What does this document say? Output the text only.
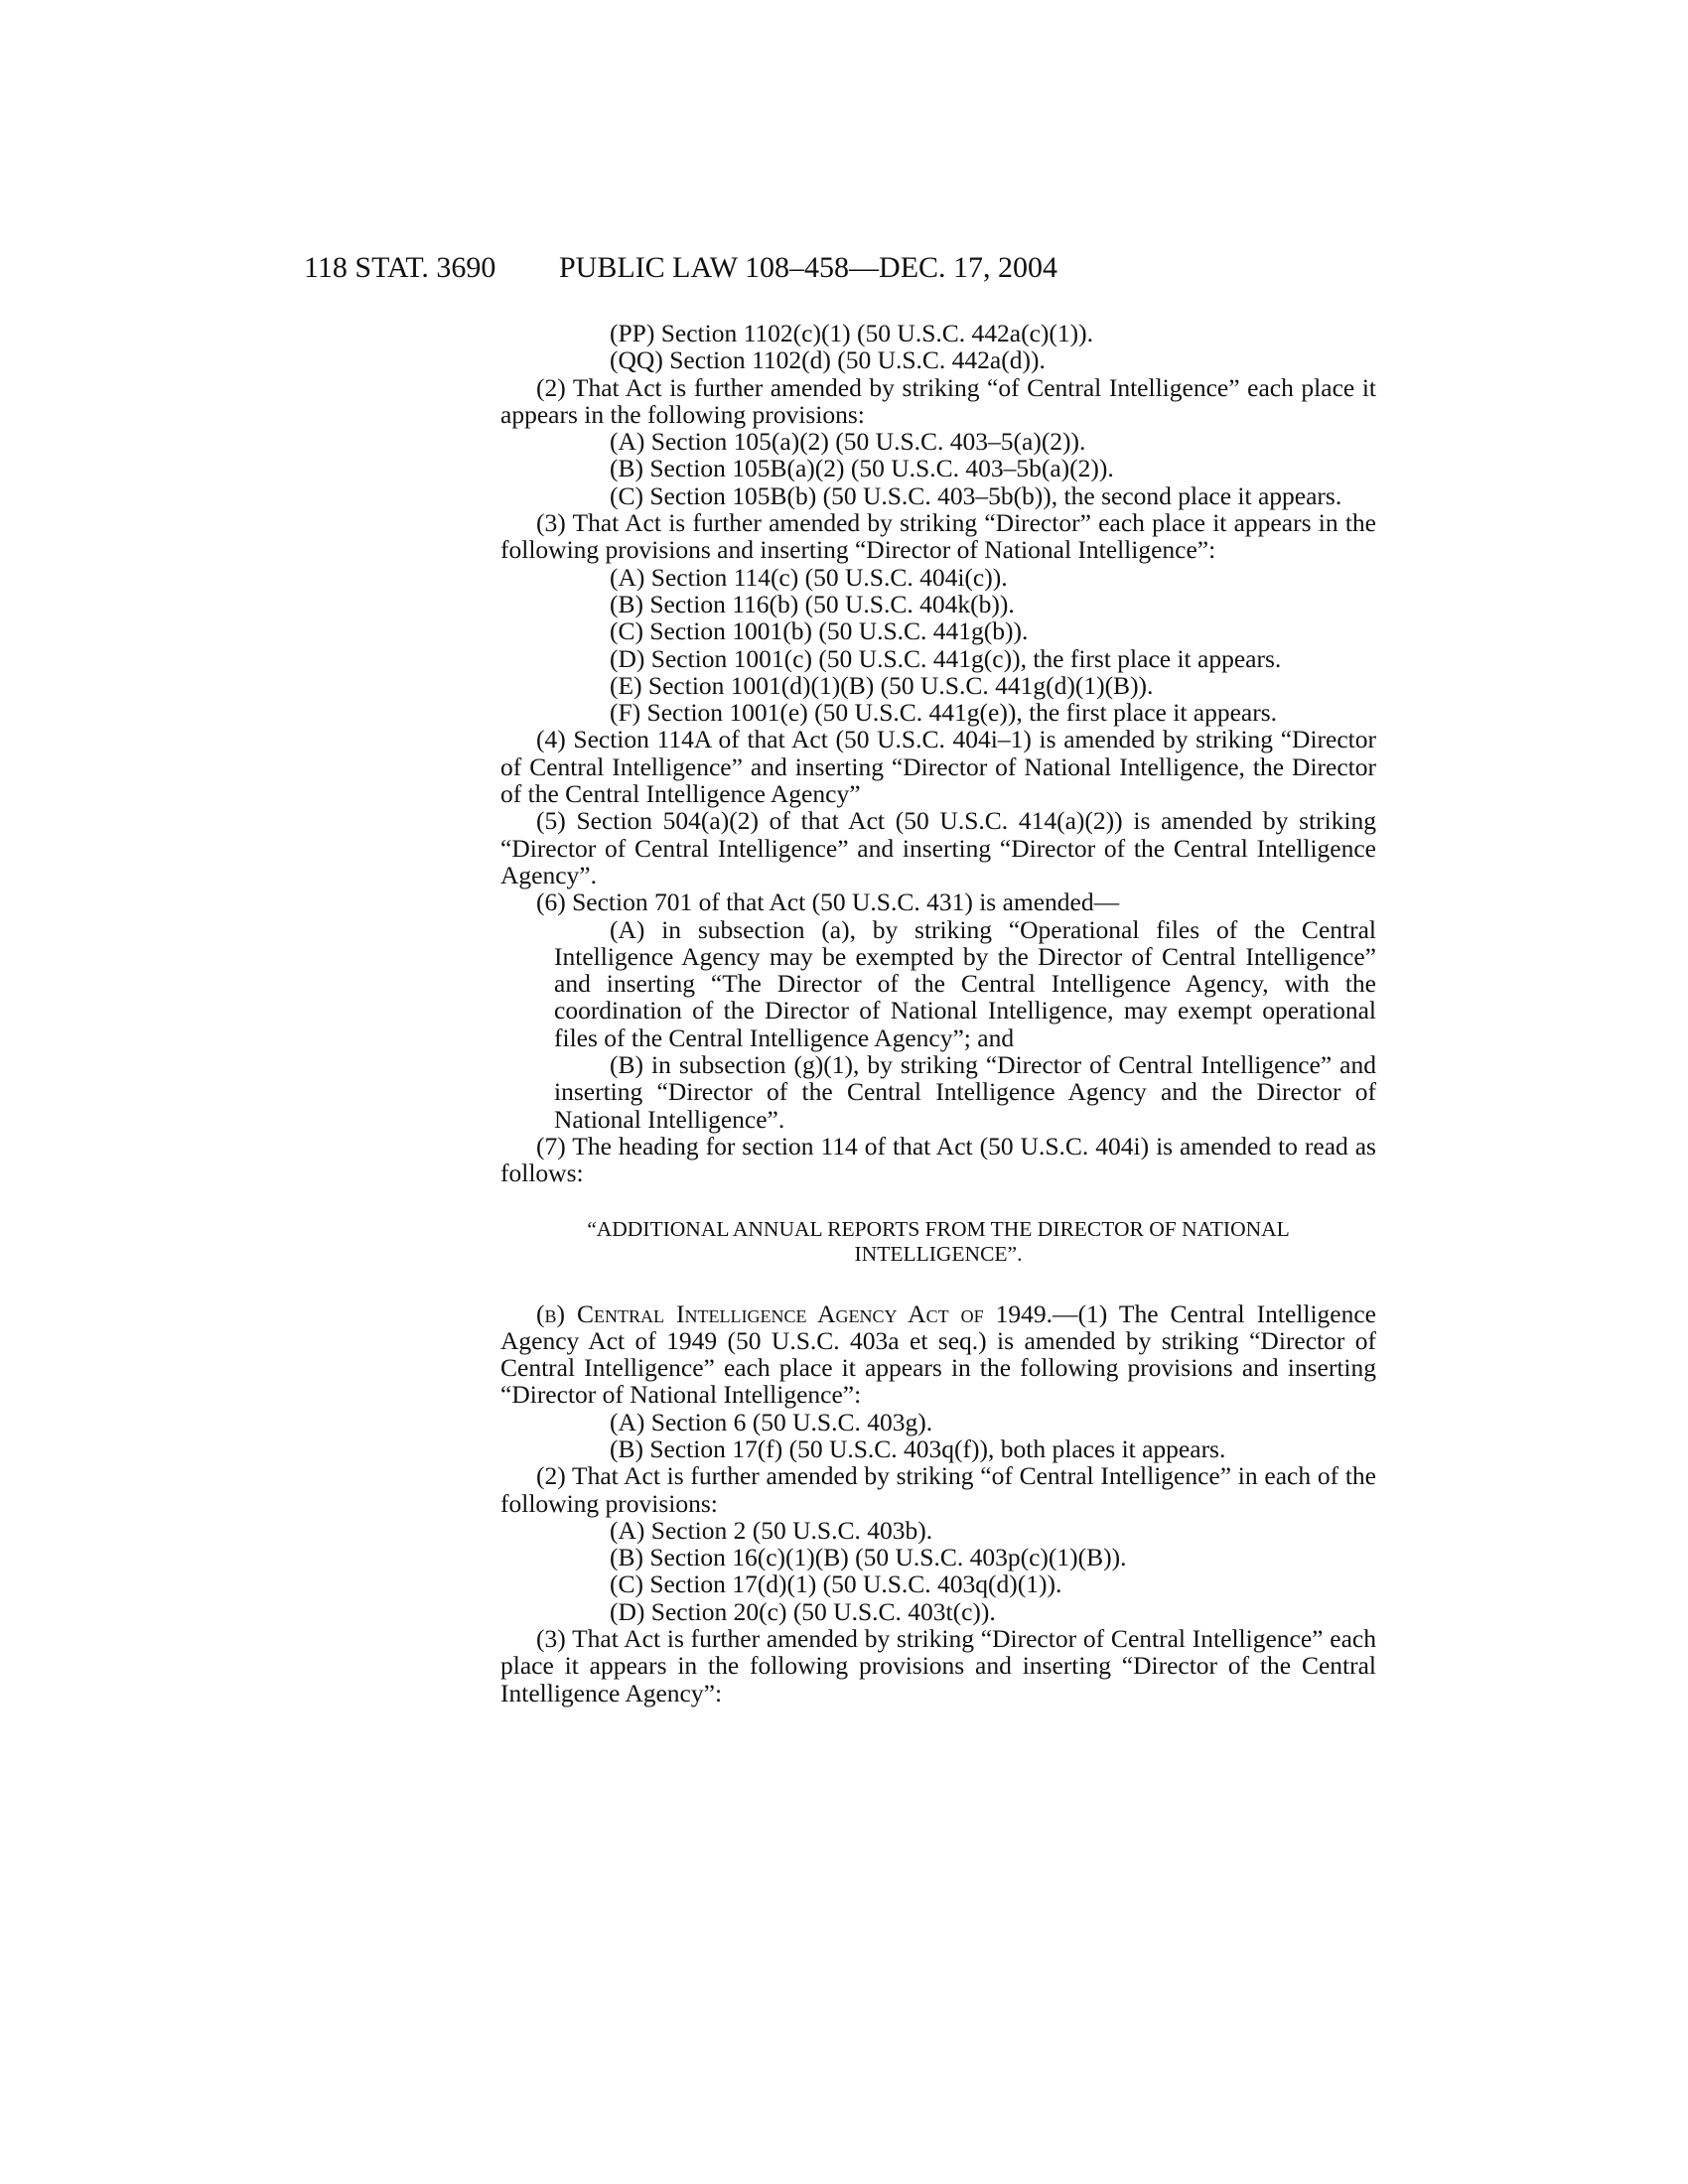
118 STAT. 3690 PUBLIC LAW 108–458—DEC. 17, 2004

(PP) Section 1102(c)(1) (50 U.S.C. 442a(c)(1)).

(QQ) Section 1102(d) (50 U.S.C. 442a(d)).

(2) That Act is further amended by striking “of Central Intelligence” each place it appears in the following provisions:

(A) Section 105(a)(2) (50 U.S.C. 403–5(a)(2)).

(B) Section 105B(a)(2) (50 U.S.C. 403–5b(a)(2)).

(C) Section 105B(b) (50 U.S.C. 403–5b(b)), the second place it appears.

(3) That Act is further amended by striking “Director” each place it appears in the following provisions and inserting “Director of National Intelligence”:

(A) Section 114(c) (50 U.S.C. 404i(c)).

(B) Section 116(b) (50 U.S.C. 404k(b)).

(C) Section 1001(b) (50 U.S.C. 441g(b)).

(D) Section 1001(c) (50 U.S.C. 441g(c)), the first place it appears.

(E) Section 1001(d)(1)(B) (50 U.S.C. 441g(d)(1)(B)).

(F) Section 1001(e) (50 U.S.C. 441g(e)), the first place it appears.

(4) Section 114A of that Act (50 U.S.C. 404i–1) is amended by striking “Director of Central Intelligence” and inserting “Director of National Intelligence, the Director of the Central Intelligence Agency”

(5) Section 504(a)(2) of that Act (50 U.S.C. 414(a)(2)) is amended by striking “Director of Central Intelligence” and inserting “Director of the Central Intelligence Agency”.

(6) Section 701 of that Act (50 U.S.C. 431) is amended—

(A) in subsection (a), by striking “Operational files of the Central Intelligence Agency may be exempted by the Director of Central Intelligence” and inserting “The Director of the Central Intelligence Agency, with the coordination of the Director of National Intelligence, may exempt operational files of the Central Intelligence Agency”; and

(B) in subsection (g)(1), by striking “Director of Central Intelligence” and inserting “Director of the Central Intelligence Agency and the Director of National Intelligence”.

(7) The heading for section 114 of that Act (50 U.S.C. 404i) is amended to read as follows:

“ADDITIONAL ANNUAL REPORTS FROM THE DIRECTOR OF NATIONAL INTELLIGENCE”.

(b) Central Intelligence Agency Act of 1949.—(1) The Central Intelligence Agency Act of 1949 (50 U.S.C. 403a et seq.) is amended by striking “Director of Central Intelligence” each place it appears in the following provisions and inserting “Director of National Intelligence”:

(A) Section 6 (50 U.S.C. 403g).

(B) Section 17(f) (50 U.S.C. 403q(f)), both places it appears.

(2) That Act is further amended by striking “of Central Intelligence” in each of the following provisions:

(A) Section 2 (50 U.S.C. 403b).

(B) Section 16(c)(1)(B) (50 U.S.C. 403p(c)(1)(B)).

(C) Section 17(d)(1) (50 U.S.C. 403q(d)(1)).

(D) Section 20(c) (50 U.S.C. 403t(c)).

(3) That Act is further amended by striking “Director of Central Intelligence” each place it appears in the following provisions and inserting “Director of the Central Intelligence Agency”:
